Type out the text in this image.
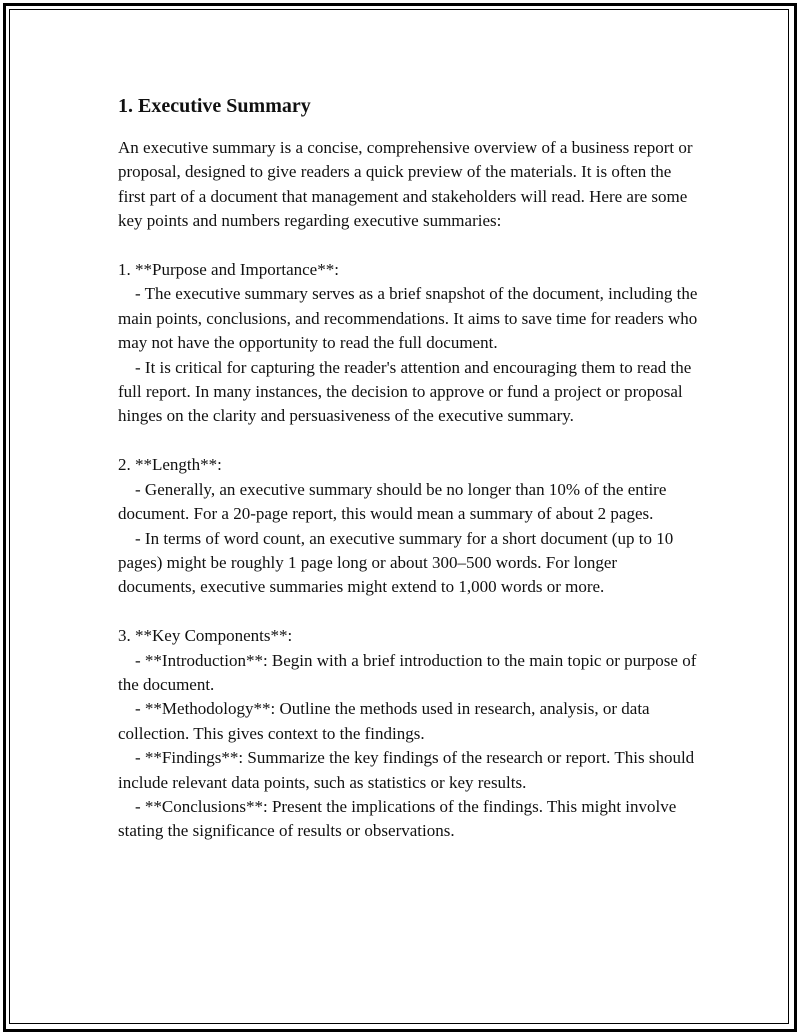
1. Executive Summary

An executive summary is a concise, comprehensive overview of a business report or proposal, designed to give readers a quick preview of the materials. It is often the first part of a document that management and stakeholders will read. Here are some key points and numbers regarding executive summaries:

1. **Purpose and Importance**:

- The executive summary serves as a brief snapshot of the document, including the main points, conclusions, and recommendations. It aims to save time for readers who may not have the opportunity to read the full document.

- It is critical for capturing the reader's attention and encouraging them to read the full report. In many instances, the decision to approve or fund a project or proposal hinges on the clarity and persuasiveness of the executive summary.

2. **Length**:

- Generally, an executive summary should be no longer than 10% of the entire document. For a 20-page report, this would mean a summary of about 2 pages.

- In terms of word count, an executive summary for a short document (up to 10 pages) might be roughly 1 page long or about 300–500 words. For longer documents, executive summaries might extend to 1,000 words or more.

3. **Key Components**:

- **Introduction**: Begin with a brief introduction to the main topic or purpose of the document.

- **Methodology**: Outline the methods used in research, analysis, or data collection. This gives context to the findings.

- **Findings**: Summarize the key findings of the research or report. This should include relevant data points, such as statistics or key results.

- **Conclusions**: Present the implications of the findings. This might involve stating the significance of results or observations.
